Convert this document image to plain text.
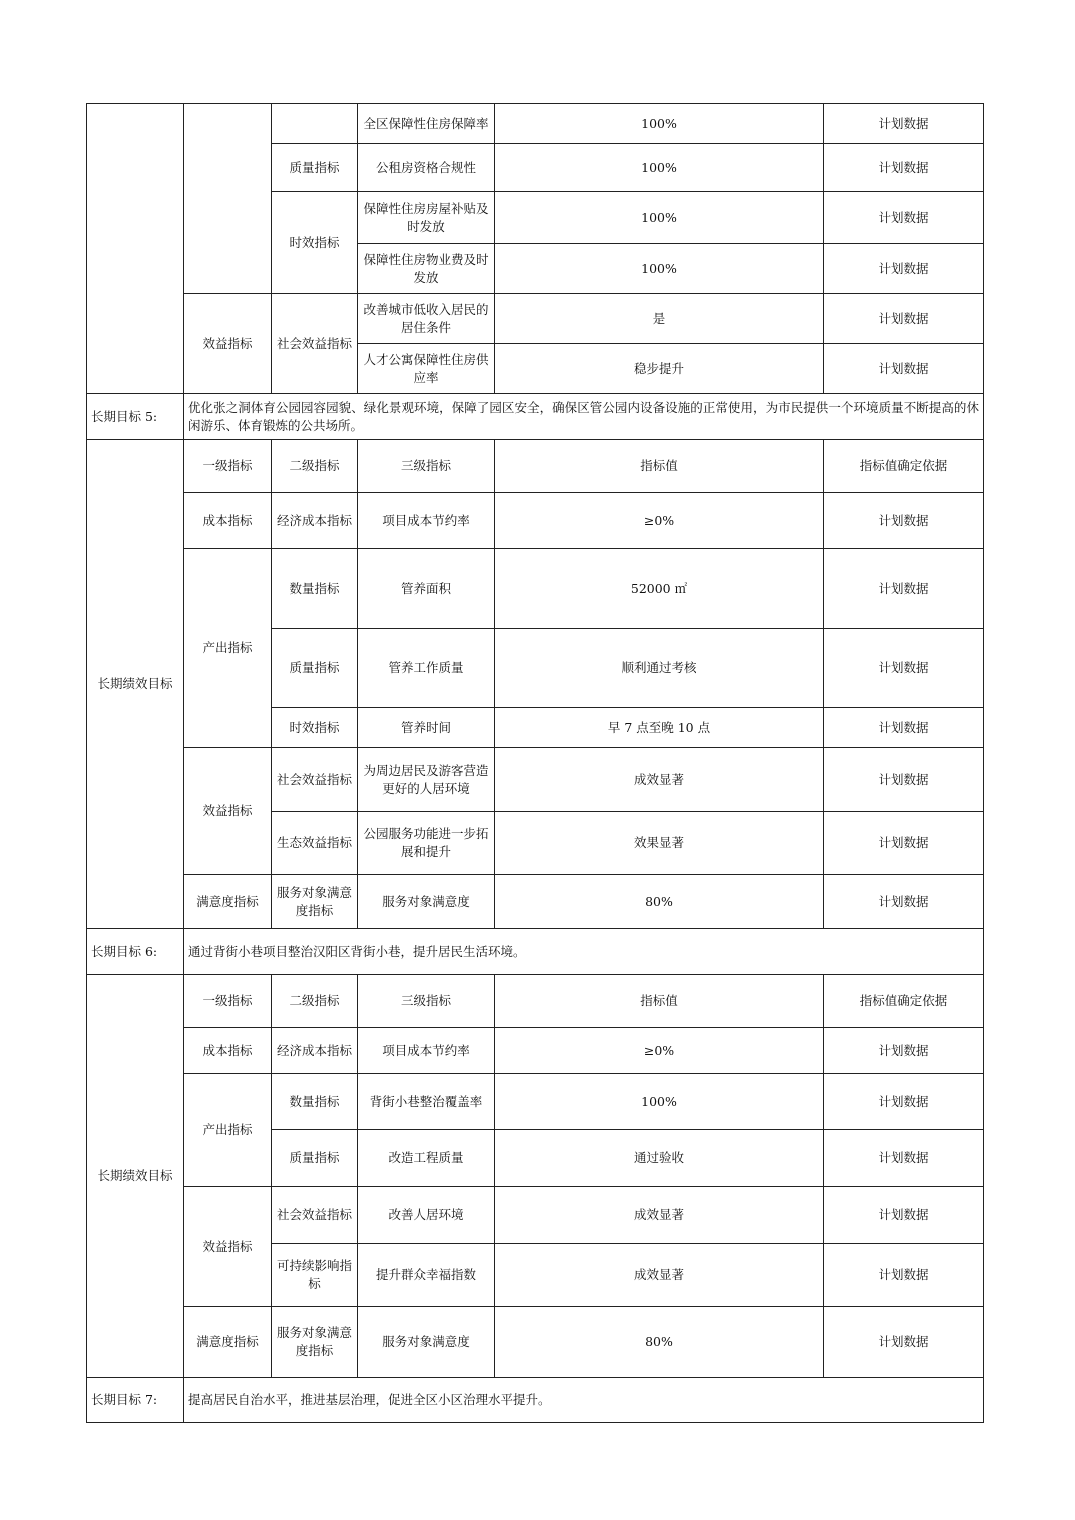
			全区保障性住房保障率	100%	计划数据
		质量指标	公租房资格合规性	100%	计划数据
		时效指标	保障性住房房屋补贴及时发放	100%	计划数据
			保障性住房物业费及时发放	100%	计划数据
	效益指标	社会效益指标	改善城市低收入居民的居住条件	是	计划数据
			人才公寓保障性住房供应率	稳步提升	计划数据
长期目标 5:	优化张之洞体育公园园容园貌、绿化景观环境，保障了园区安全，确保区管公园内设备设施的正常使用，为市民提供一个环境质量不断提高的休闲游乐、体育锻炼的公共场所。				
长期绩效目标	一级指标	二级指标	三级指标	指标值	指标值确定依据
	成本指标	经济成本指标	项目成本节约率	≥0%	计划数据
	产出指标	数量指标	管养面积	52000 ㎡	计划数据
		质量指标	管养工作质量	顺利通过考核	计划数据
		时效指标	管养时间	早 7 点至晚 10 点	计划数据
	效益指标	社会效益指标	为周边居民及游客营造更好的人居环境	成效显著	计划数据
		生态效益指标	公园服务功能进一步拓展和提升	效果显著	计划数据
	满意度指标	服务对象满意度指标	服务对象满意度	80%	计划数据
长期目标 6:	通过背街小巷项目整治汉阳区背街小巷，提升居民生活环境。				
长期绩效目标	一级指标	二级指标	三级指标	指标值	指标值确定依据
	成本指标	经济成本指标	项目成本节约率	≥0%	计划数据
	产出指标	数量指标	背街小巷整治覆盖率	100%	计划数据
		质量指标	改造工程质量	通过验收	计划数据
	效益指标	社会效益指标	改善人居环境	成效显著	计划数据
		可持续影响指标	提升群众幸福指数	成效显著	计划数据
	满意度指标	服务对象满意度指标	服务对象满意度	80%	计划数据
长期目标 7:	提高居民自治水平，推进基层治理，促进全区小区治理水平提升。				
